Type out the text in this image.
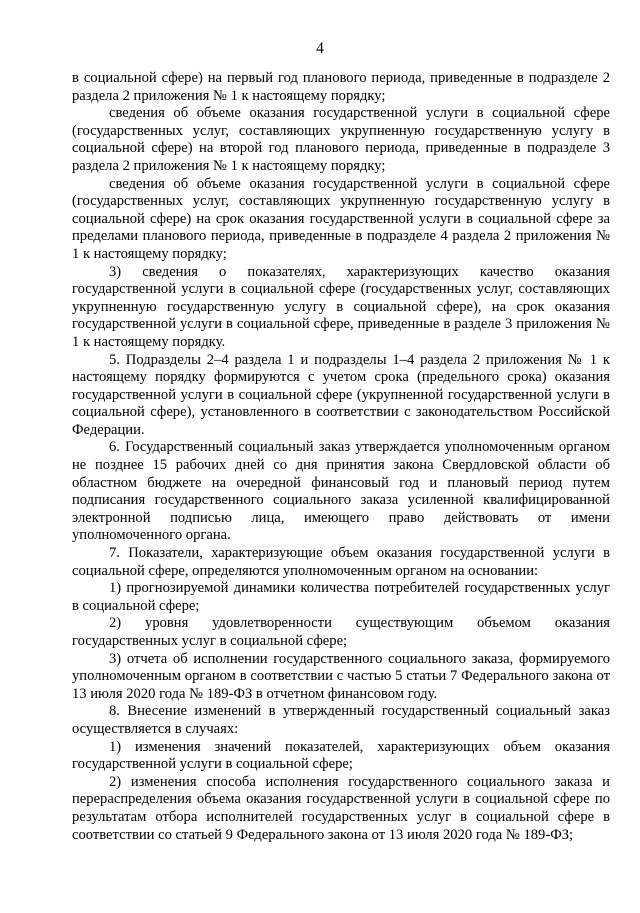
4

в социальной сфере) на первый год планового периода, приведенные в подразделе 2 раздела 2 приложения № 1 к настоящему порядку;

сведения об объеме оказания государственной услуги в социальной сфере (государственных услуг, составляющих укрупненную государственную услугу в социальной сфере) на второй год планового периода, приведенные в подразделе 3 раздела 2 приложения № 1 к настоящему порядку;

сведения об объеме оказания государственной услуги в социальной сфере (государственных услуг, составляющих укрупненную государственную услугу в социальной сфере) на срок оказания государственной услуги в социальной сфере за пределами планового периода, приведенные в подразделе 4 раздела 2 приложения № 1 к настоящему порядку;

3) сведения о показателях, характеризующих качество оказания государственной услуги в социальной сфере (государственных услуг, составляющих укрупненную государственную услугу в социальной сфере), на срок оказания государственной услуги в социальной сфере, приведенные в разделе 3 приложения № 1 к настоящему порядку.

5. Подразделы 2–4 раздела 1 и подразделы 1–4 раздела 2 приложения № 1 к настоящему порядку формируются с учетом срока (предельного срока) оказания государственной услуги в социальной сфере (укрупненной государственной услуги в социальной сфере), установленного в соответствии с законодательством Российской Федерации.

6. Государственный социальный заказ утверждается уполномоченным органом не позднее 15 рабочих дней со дня принятия закона Свердловской области об областном бюджете на очередной финансовый год и плановый период путем подписания государственного социального заказа усиленной квалифицированной электронной подписью лица, имеющего право действовать от имени уполномоченного органа.

7. Показатели, характеризующие объем оказания государственной услуги в социальной сфере, определяются уполномоченным органом на основании:

1) прогнозируемой динамики количества потребителей государственных услуг в социальной сфере;

2) уровня удовлетворенности существующим объемом оказания государственных услуг в социальной сфере;

3) отчета об исполнении государственного социального заказа, формируемого уполномоченным органом в соответствии с частью 5 статьи 7 Федерального закона от 13 июля 2020 года № 189-ФЗ в отчетном финансовом году.

8. Внесение изменений в утвержденный государственный социальный заказ осуществляется в случаях:

1) изменения значений показателей, характеризующих объем оказания государственной услуги в социальной сфере;

2) изменения способа исполнения государственного социального заказа и перераспределения объема оказания государственной услуги в социальной сфере по результатам отбора исполнителей государственных услуг в социальной сфере в соответствии со статьей 9 Федерального закона от 13 июля 2020 года № 189-ФЗ;
